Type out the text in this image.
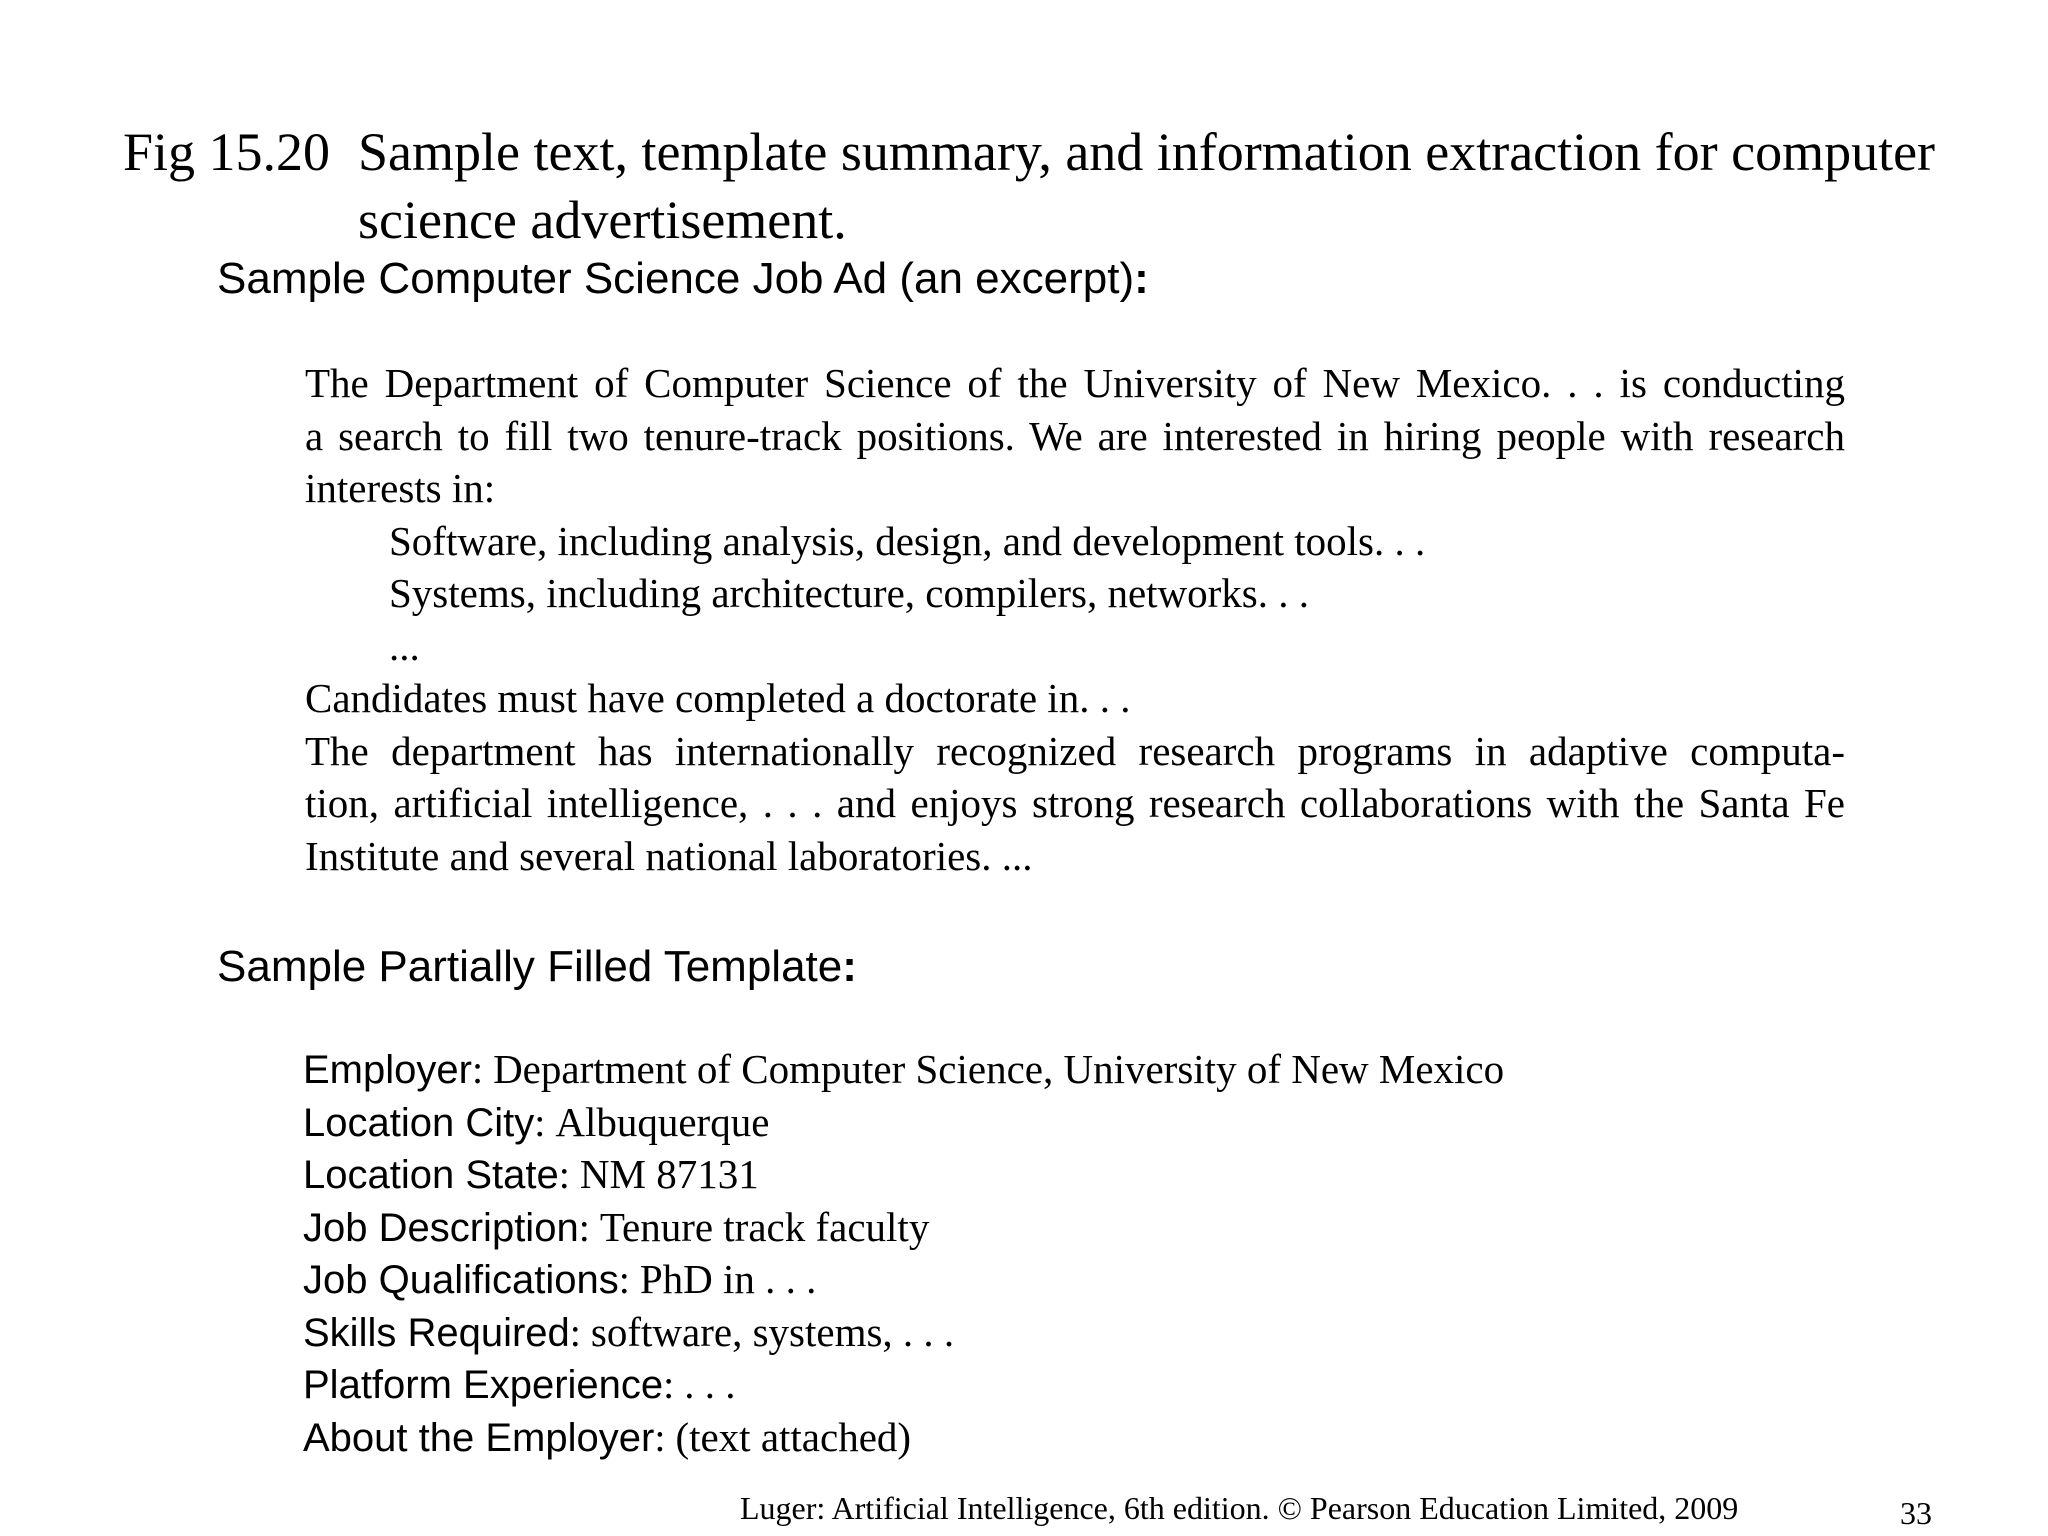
Fig 15.20 Sample text, template summary, and information extraction for computer
science advertisement.
Sample Computer Science Job Ad (an excerpt):
The Department of Computer Science of the University of New Mexico. . . is conducting
a search to fill two tenure-track positions. We are interested in hiring people with research
interests in:
Software, including analysis, design, and development tools. . .
Systems, including architecture, compilers, networks. . .
...
Candidates must have completed a doctorate in. . .
The department has internationally recognized research programs in adaptive computa-
tion, artificial intelligence, . . . and enjoys strong research collaborations with the Santa Fe
Institute and several national laboratories. ...
Sample Partially Filled Template:
Employer: Department of Computer Science, University of New Mexico
Location City: Albuquerque
Location State: NM 87131
Job Description: Tenure track faculty
Job Qualifications: PhD in . . .
Skills Required: software, systems, . . .
Platform Experience: . . .
About the Employer: (text attached)
Luger: Artificial Intelligence, 6th edition. © Pearson Education Limited, 2009	33
